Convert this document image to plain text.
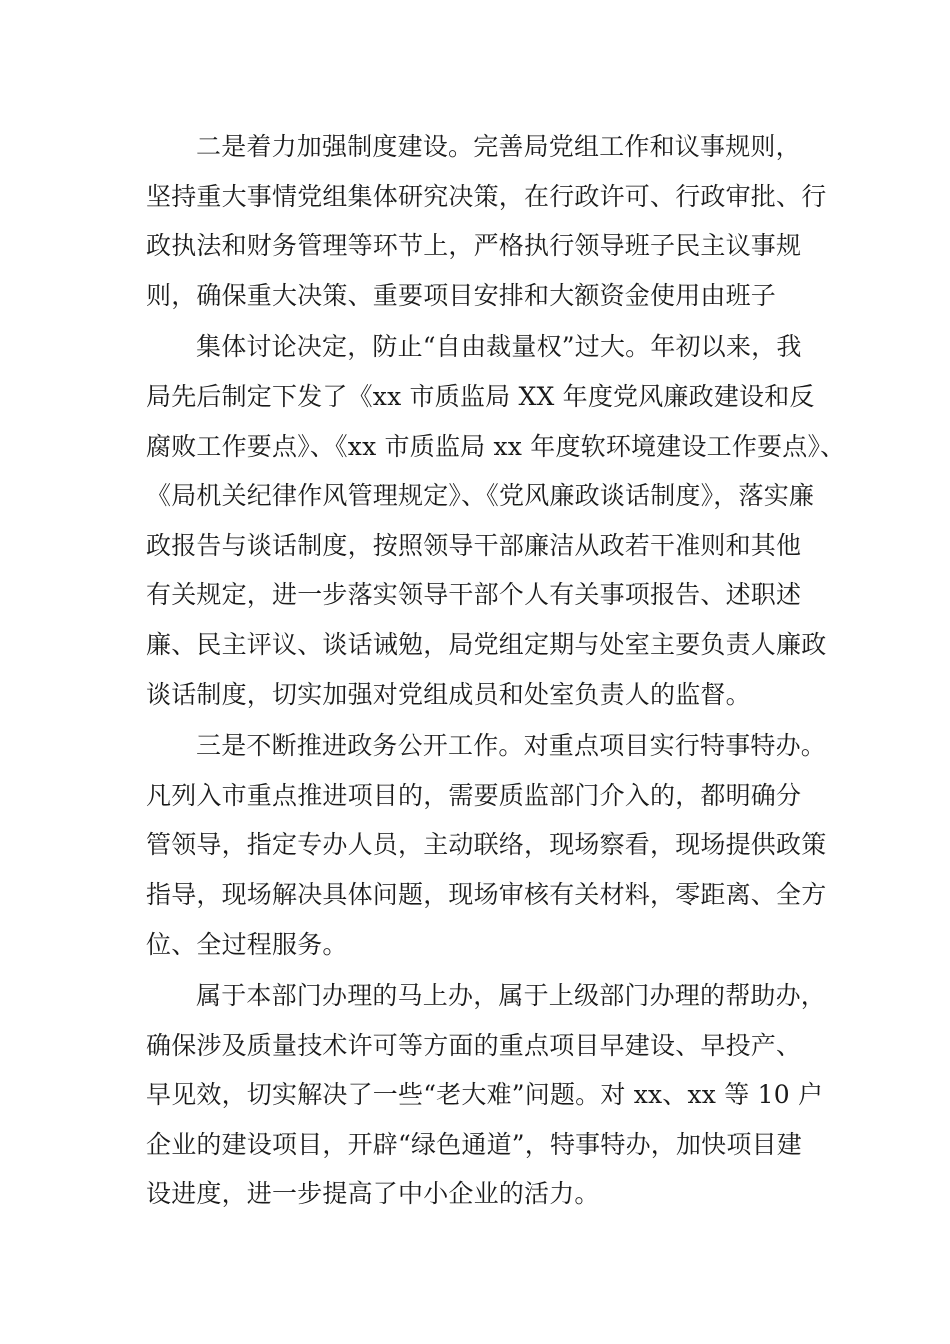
二是着力加强制度建设。完善局党组工作和议事规则，
坚持重大事情党组集体研究决策，在行政许可、行政审批、行
政执法和财务管理等环节上，严格执行领导班子民主议事规
则，确保重大决策、重要项目安排和大额资金使用由班子
集体讨论决定，防止“自由裁量权”过大。年初以来，我
局先后制定下发了《xx 市质监局 XX 年度党风廉政建设和反
腐败工作要点》、《xx 市质监局 xx 年度软环境建设工作要点》、
《局机关纪律作风管理规定》、《党风廉政谈话制度》，落实廉
政报告与谈话制度，按照领导干部廉洁从政若干准则和其他
有关规定，进一步落实领导干部个人有关事项报告、述职述
廉、民主评议、谈话诫勉，局党组定期与处室主要负责人廉政
谈话制度，切实加强对党组成员和处室负责人的监督。
三是不断推进政务公开工作。对重点项目实行特事特办。
凡列入市重点推进项目的，需要质监部门介入的，都明确分
管领导，指定专办人员，主动联络，现场察看，现场提供政策
指导，现场解决具体问题，现场审核有关材料，零距离、全方
位、全过程服务。
属于本部门办理的马上办，属于上级部门办理的帮助办，
确保涉及质量技术许可等方面的重点项目早建设、早投产、
早见效，切实解决了一些“老大难”问题。对 xx、xx 等 10 户
企业的建设项目，开辟“绿色通道”，特事特办，加快项目建
设进度，进一步提高了中小企业的活力。
